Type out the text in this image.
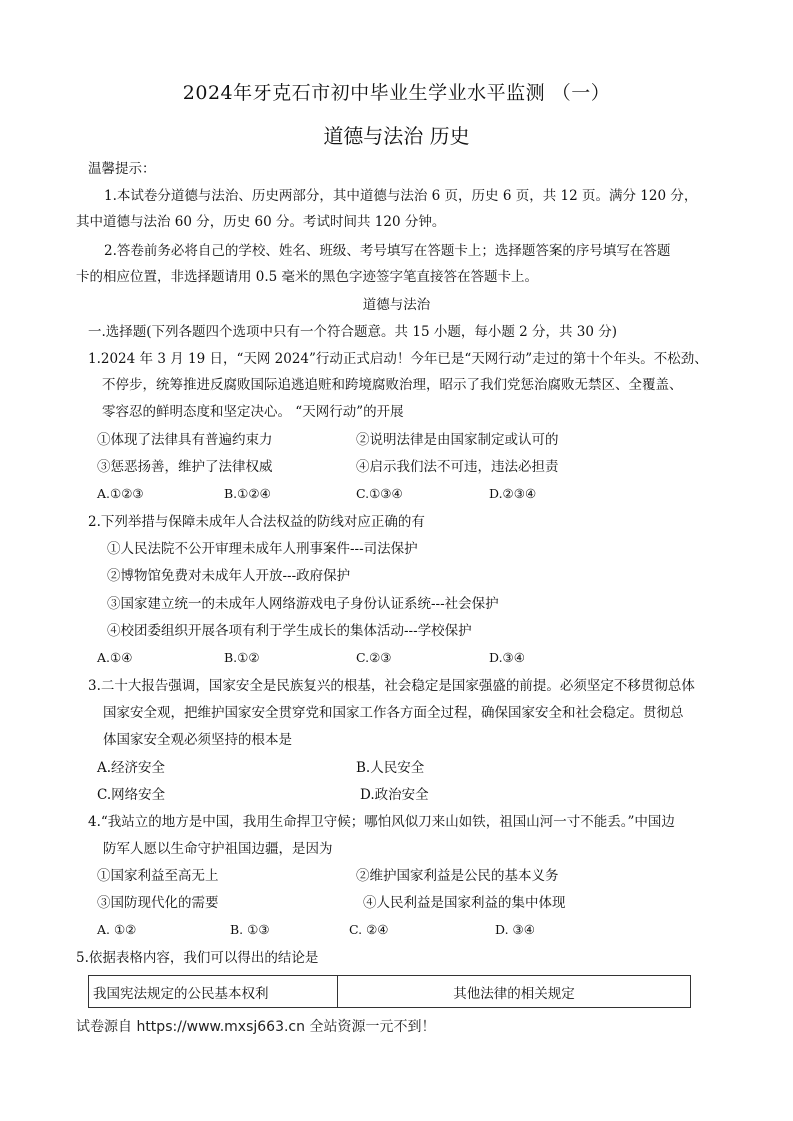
2024年牙克石市初中毕业生学业水平监测 （一）
道德与法治 历史
温馨提示：
1.本试卷分道德与法治、历史两部分，其中道德与法治 6 页，历史 6 页，共 12 页。满分 120 分，
其中道德与法治 60 分，历史 60 分。考试时间共 120 分钟。
2.答卷前务必将自己的学校、姓名、班级、考号填写在答题卡上；选择题答案的序号填写在答题
卡的相应位置，非选择题请用 0.5 毫米的黑色字迹签字笔直接答在答题卡上。
道德与法治
一.选择题(下列各题四个选项中只有一个符合题意。共 15 小题，每小题 2 分，共 30 分)
1.2024 年 3 月 19 日，“天网 2024”行动正式启动！今年已是“天网行动”走过的第十个年头。不松劲、
不停步，统筹推进反腐败国际追逃追赃和跨境腐败治理，昭示了我们党惩治腐败无禁区、全覆盖、
零容忍的鲜明态度和坚定决心。 “天网行动”的开展
①体现了法律具有普遍约束力	②说明法律是由国家制定或认可的
③惩恶扬善，维护了法律权威	④启示我们法不可违，违法必担责
A.①②③	B.①②④	C.①③④	D.②③④
2.下列举措与保障未成年人合法权益的防线对应正确的有
①人民法院不公开审理未成年人刑事案件---司法保护
②博物馆免费对未成年人开放---政府保护
③国家建立统一的未成年人网络游戏电子身份认证系统---社会保护
④校团委组织开展各项有利于学生成长的集体活动---学校保护
A.①④	B.①②	C.②③	D.③④
3.二十大报告强调，国家安全是民族复兴的根基，社会稳定是国家强盛的前提。必须坚定不移贯彻总体
国家安全观，把维护国家安全贯穿党和国家工作各方面全过程，确保国家安全和社会稳定。贯彻总
体国家安全观必须坚持的根本是
A.经济安全	B.人民安全
C.网络安全	D.政治安全
4.“我站立的地方是中国，我用生命捍卫守候；哪怕风似刀来山如铁，祖国山河一寸不能丢。”中国边
防军人愿以生命守护祖国边疆，是因为
①国家利益至高无上	②维护国家利益是公民的基本义务
③国防现代化的需要	④人民利益是国家利益的集中体现
A. ①②	B. ①③	C. ②④	D. ③④
5.依据表格内容，我们可以得出的结论是
我国宪法规定的公民基本权利	其他法律的相关规定
试卷源自 https://www.mxsj663.cn 全站资源一元不到！
